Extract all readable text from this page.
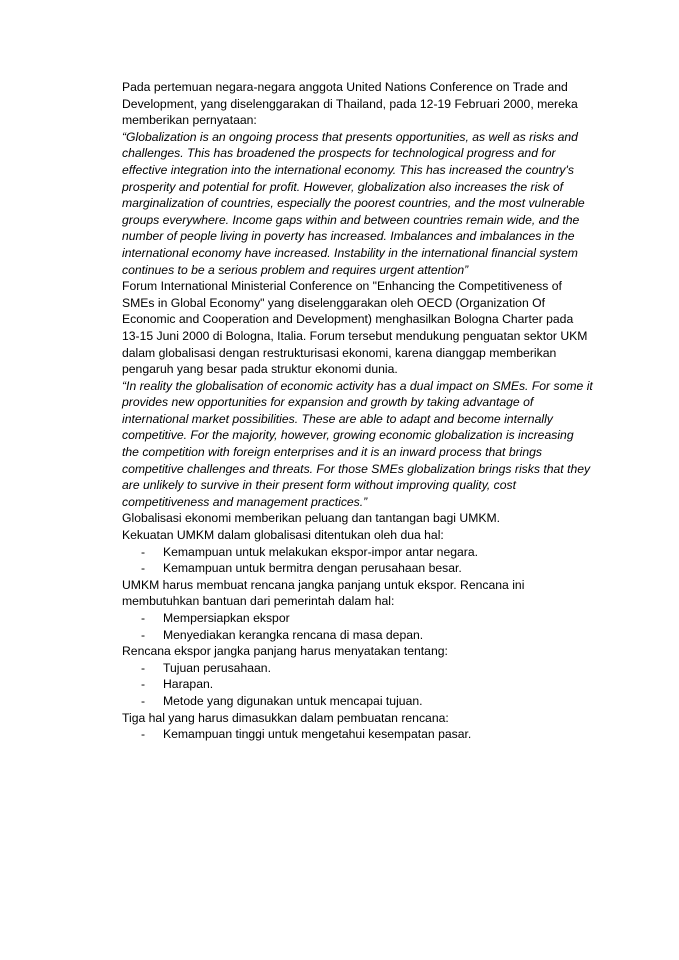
Pada pertemuan negara-negara anggota United Nations Conference on Trade and Development, yang diselenggarakan di Thailand, pada 12-19 Februari 2000, mereka memberikan pernyataan:

“Globalization is an ongoing process that presents opportunities, as well as risks and challenges. This has broadened the prospects for technological progress and for effective integration into the international economy. This has increased the country's prosperity and potential for profit. However, globalization also increases the risk of marginalization of countries, especially the poorest countries, and the most vulnerable groups everywhere. Income gaps within and between countries remain wide, and the number of people living in poverty has increased. Imbalances and imbalances in the international economy have increased. Instability in the international financial system continues to be a serious problem and requires urgent attention”

Forum International Ministerial Conference on "Enhancing the Competitiveness of SMEs in Global Economy" yang diselenggarakan oleh OECD (Organization Of Economic and Cooperation and Development) menghasilkan Bologna Charter pada 13-15 Juni 2000 di Bologna, Italia. Forum tersebut mendukung penguatan sektor UKM dalam globalisasi dengan restrukturisasi ekonomi, karena dianggap memberikan pengaruh yang besar pada struktur ekonomi dunia.

“In reality the globalisation of economic activity has a dual impact on SMEs. For some it provides new opportunities for expansion and growth by taking advantage of international market possibilities. These are able to adapt and become internally competitive. For the majority, however, growing economic globalization is increasing the competition with foreign enterprises and it is an inward process that brings competitive challenges and threats. For those SMEs globalization brings risks that they are unlikely to survive in their present form without improving quality, cost competitiveness and management practices.”

Globalisasi ekonomi memberikan peluang dan tantangan bagi UMKM.

Kekuatan UMKM dalam globalisasi ditentukan oleh dua hal:

-	Kemampuan untuk melakukan ekspor-impor antar negara.
-	Kemampuan untuk bermitra dengan perusahaan besar.

UMKM harus membuat rencana jangka panjang untuk ekspor. Rencana ini membutuhkan bantuan dari pemerintah dalam hal:

-	Mempersiapkan ekspor
-	Menyediakan kerangka rencana di masa depan.

Rencana ekspor jangka panjang harus menyatakan tentang:

-	Tujuan perusahaan.
-	Harapan.
-	Metode yang digunakan untuk mencapai tujuan.

Tiga hal yang harus dimasukkan dalam pembuatan rencana:

-	Kemampuan tinggi untuk mengetahui kesempatan pasar.
